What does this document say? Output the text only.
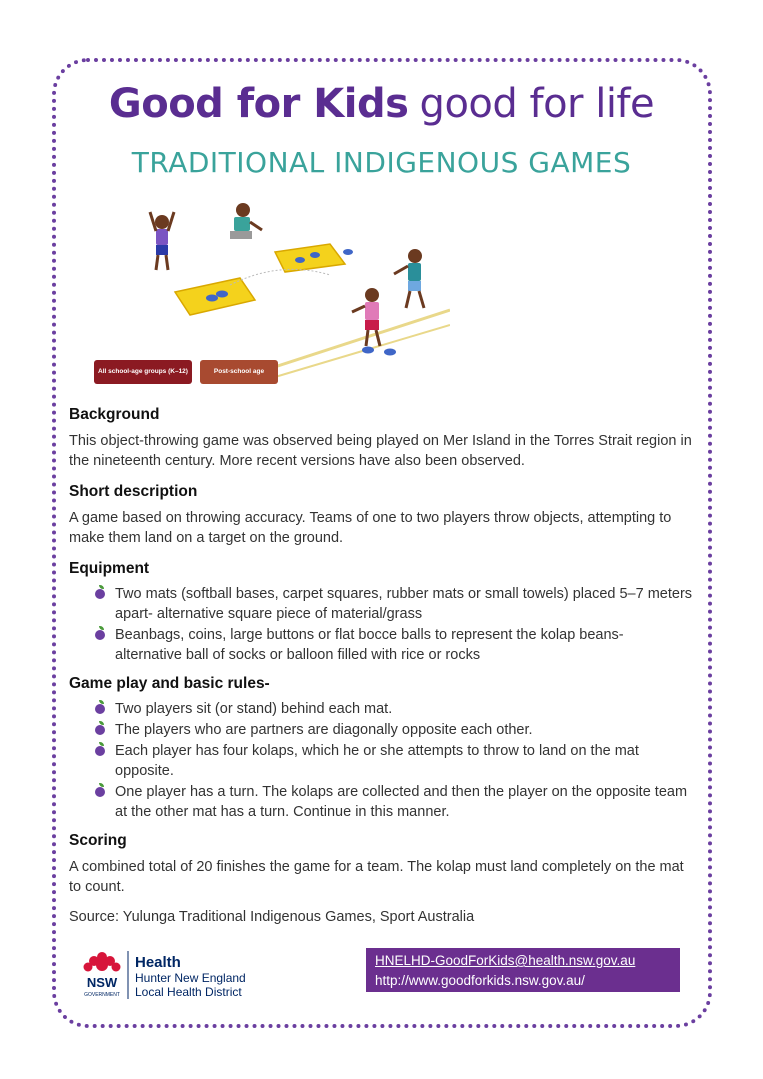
Good for Kids good for life
TRADITIONAL INDIGENOUS GAMES
All school-age groups (K–12)	Post-school age
Background

This object-throwing game was observed being played on Mer Island in the Torres Strait region in the nineteenth century. More recent versions have also been observed.

Short description

A game based on throwing accuracy. Teams of one to two players throw objects, attempting to make them land on a target on the ground.

Equipment
Two mats (softball bases, carpet squares, rubber mats or small towels) placed 5–7 meters apart- alternative square piece of material/grass
Beanbags, coins, large buttons or flat bocce balls to represent the kolap beans- alternative ball of socks or balloon filled with rice or rocks
Game play and basic rules-
Two players sit (or stand) behind each mat.
The players who are partners are diagonally opposite each other.
Each player has four kolaps, which he or she attempts to throw to land on the mat opposite.
One player has a turn. The kolaps are collected and then the player on the opposite team at the other mat has a turn. Continue in this manner.
Scoring

A combined total of 20 finishes the game for a team. The kolap must land completely on the mat to count.

Source: Yulunga Traditional Indigenous Games, Sport Australia
NSW
GOVERNMENT
Health
Hunter New England
Local Health District
HNELHD-GoodForKids@health.nsw.gov.au
http://www.goodforkids.nsw.gov.au/
